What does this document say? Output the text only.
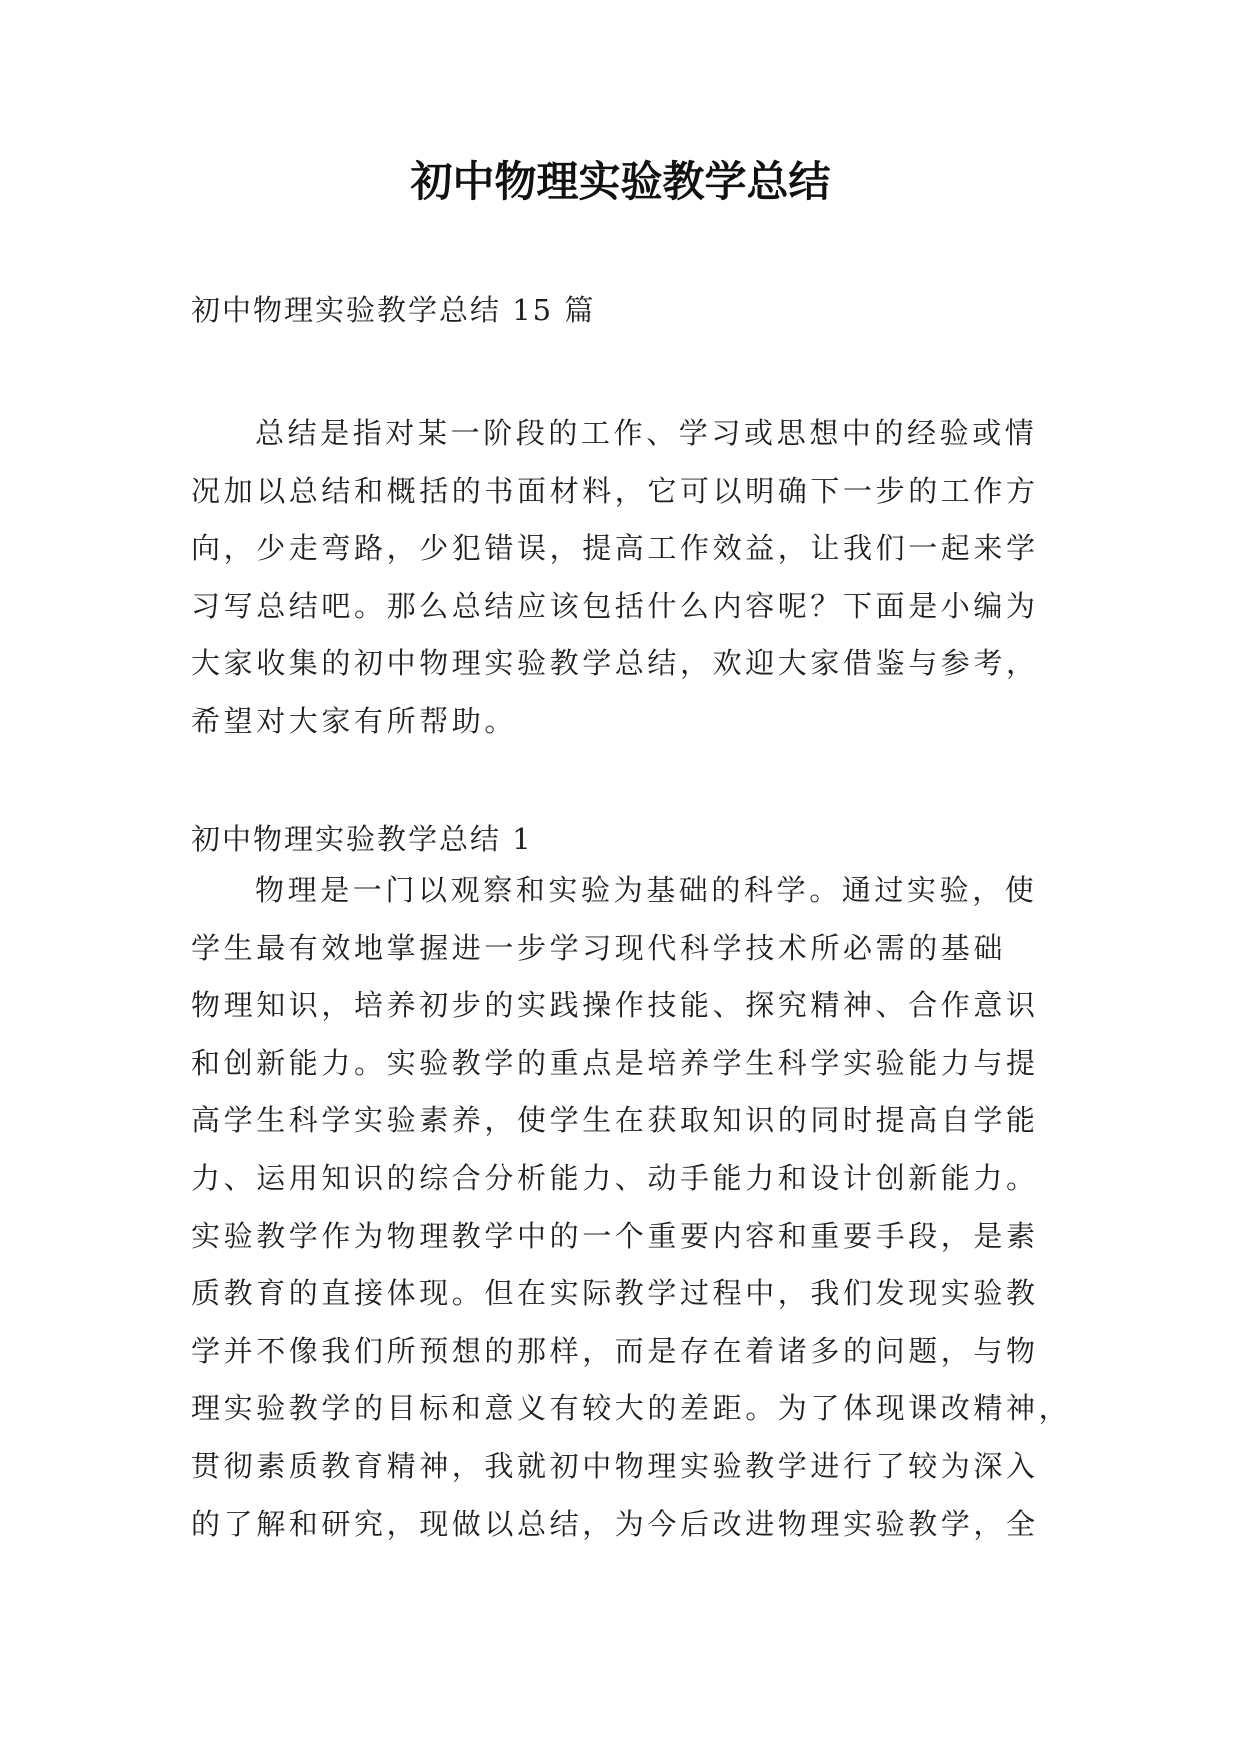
初中物理实验教学总结

初中物理实验教学总结 15 篇

总结是指对某一阶段的工作、学习或思想中的经验或情
况加以总结和概括的书面材料，它可以明确下一步的工作方
向，少走弯路，少犯错误，提高工作效益，让我们一起来学
习写总结吧。那么总结应该包括什么内容呢？下面是小编为
大家收集的初中物理实验教学总结，欢迎大家借鉴与参考，
希望对大家有所帮助。

初中物理实验教学总结 1

物理是一门以观察和实验为基础的科学。通过实验，使
学生最有效地掌握进一步学习现代科学技术所必需的基础
物理知识，培养初步的实践操作技能、探究精神、合作意识
和创新能力。实验教学的重点是培养学生科学实验能力与提
高学生科学实验素养，使学生在获取知识的同时提高自学能
力、运用知识的综合分析能力、动手能力和设计创新能力。
实验教学作为物理教学中的一个重要内容和重要手段，是素
质教育的直接体现。但在实际教学过程中，我们发现实验教
学并不像我们所预想的那样，而是存在着诸多的问题，与物
理实验教学的目标和意义有较大的差距。为了体现课改精神，
贯彻素质教育精神，我就初中物理实验教学进行了较为深入
的了解和研究，现做以总结，为今后改进物理实验教学，全
